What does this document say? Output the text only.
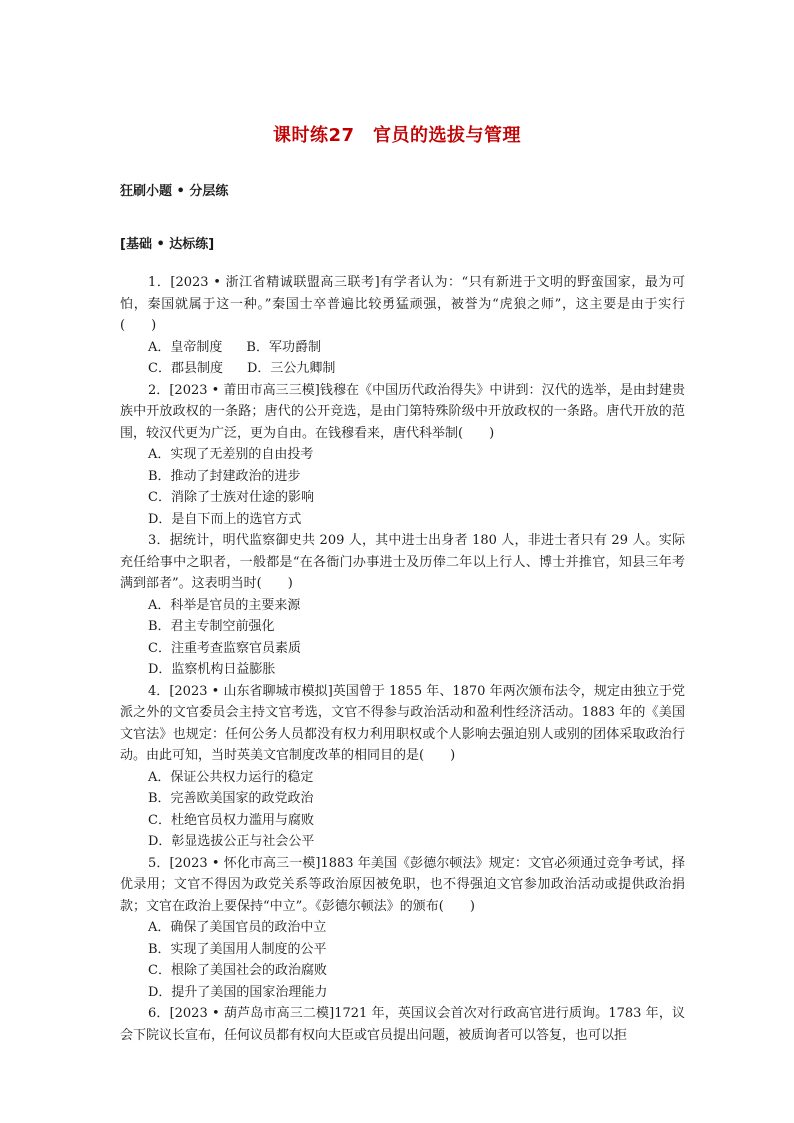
课时练27　官员的选拔与管理
狂刷小题 • 分层练
[基础 • 达标练]

1．[2023 • 浙江省精诚联盟高三联考]有学者认为：“只有新进于文明的野蛮国家，最为可怕，秦国就属于这一种。”秦国士卒普遍比较勇猛顽强，被誉为“虎狼之师”，这主要是由于实行(　　)

A．皇帝制度 B．军功爵制
C．郡县制度 D．三公九卿制

2．[2023 • 莆田市高三三模]钱穆在《中国历代政治得失》中讲到：汉代的选举，是由封建贵族中开放政权的一条路；唐代的公开竞选，是由门第特殊阶级中开放政权的一条路。唐代开放的范围，较汉代更为广泛，更为自由。在钱穆看来，唐代科举制(　　)

A．实现了无差别的自由投考
B．推动了封建政治的进步
C．消除了士族对仕途的影响
D．是自下而上的选官方式

3．据统计，明代监察御史共 209 人，其中进士出身者 180 人，非进士者只有 29 人。实际充任给事中之职者，一般都是“在各衙门办事进士及历俸二年以上行人、博士并推官，知县三年考满到部者”。这表明当时(　　)

A．科举是官员的主要来源
B．君主专制空前强化
C．注重考查监察官员素质
D．监察机构日益膨胀

4．[2023 • 山东省聊城市模拟]英国曾于 1855 年、1870 年两次颁布法令，规定由独立于党派之外的文官委员会主持文官考选，文官不得参与政治活动和盈利性经济活动。1883 年的《美国文官法》也规定：任何公务人员都没有权力利用职权或个人影响去强迫别人或别的团体采取政治行动。由此可知，当时英美文官制度改革的相同目的是(　　)

A．保证公共权力运行的稳定
B．完善欧美国家的政党政治
C．杜绝官员权力滥用与腐败
D．彰显选拔公正与社会公平

5．[2023 • 怀化市高三一模]1883 年美国《彭德尔顿法》规定：文官必须通过竞争考试，择优录用；文官不得因为政党关系等政治原因被免职，也不得强迫文官参加政治活动或提供政治捐款；文官在政治上要保持“中立”。《彭德尔顿法》的颁布(　　)

A．确保了美国官员的政治中立
B．实现了美国用人制度的公平
C．根除了美国社会的政治腐败
D．提升了美国的国家治理能力

6．[2023 • 葫芦岛市高三二模]1721 年，英国议会首次对行政高官进行质询。1783 年，议会下院议长宣布，任何议员都有权向大臣或官员提出问题，被质询者可以答复，也可以拒
